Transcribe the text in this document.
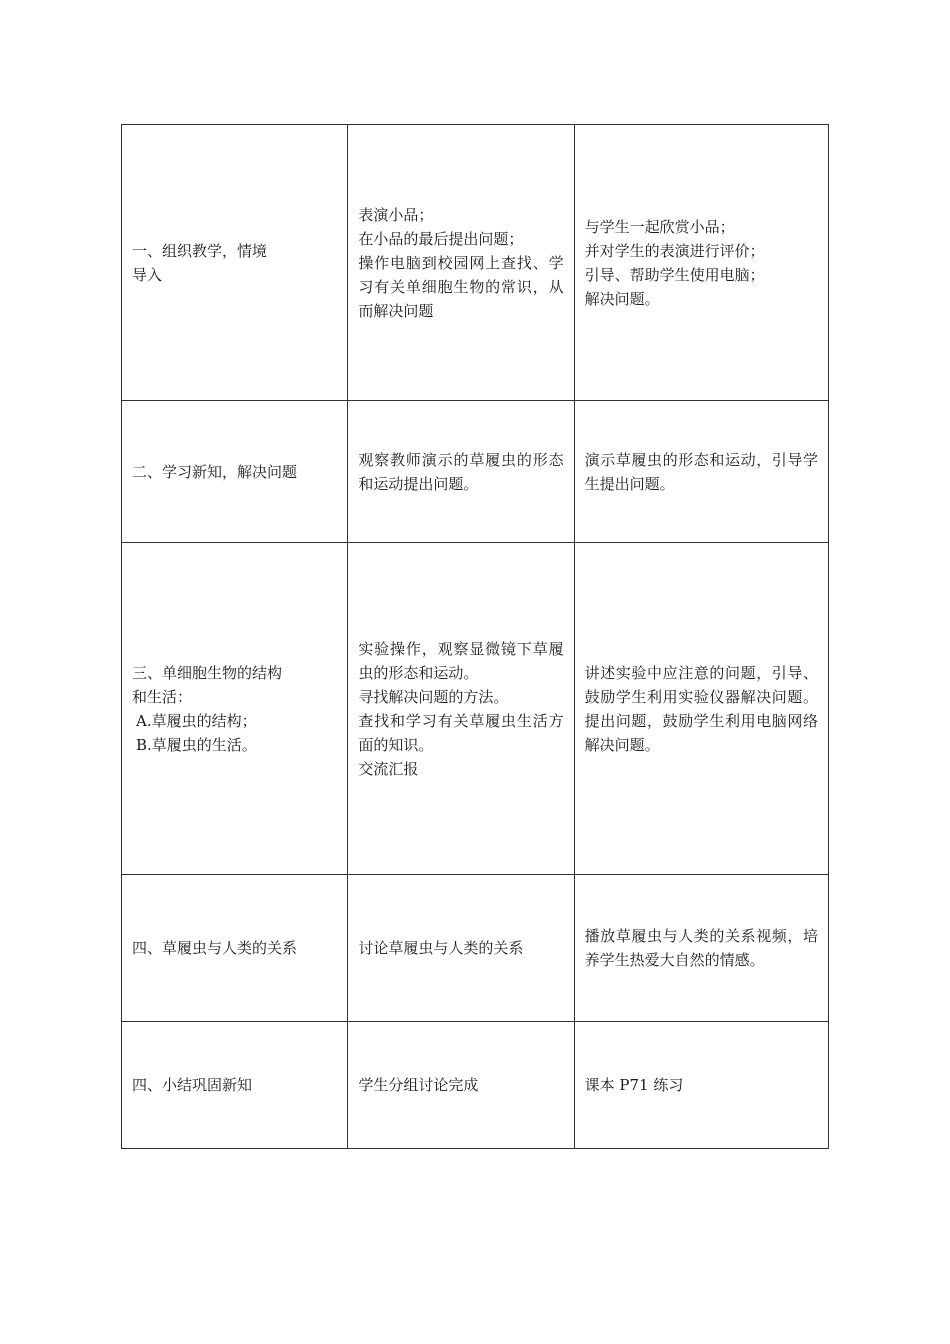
一、组织教学，情境
导入	表演小品；
在小品的最后提出问题；
操作电脑到校园网上查找、学习有关单细胞生物的常识，从而解决问题	与学生一起欣赏小品；
并对学生的表演进行评价；
引导、帮助学生使用电脑；
解决问题。

二、学习新知，解决问题	观察教师演示的草履虫的形态和运动提出问题。	演示草履虫的形态和运动，引导学生提出问题。

三、单细胞生物的结构
和生活：
A.草履虫的结构；
B.草履虫的生活。	实验操作，观察显微镜下草履虫的形态和运动。
寻找解决问题的方法。
查找和学习有关草履虫生活方面的知识。
交流汇报	讲述实验中应注意的问题，引导、鼓励学生利用实验仪器解决问题。提出问题，鼓励学生利用电脑网络解决问题。

四、草履虫与人类的关系	讨论草履虫与人类的关系	播放草履虫与人类的关系视频，培养学生热爱大自然的情感。

四、小结巩固新知	学生分组讨论完成	课本 P71 练习
